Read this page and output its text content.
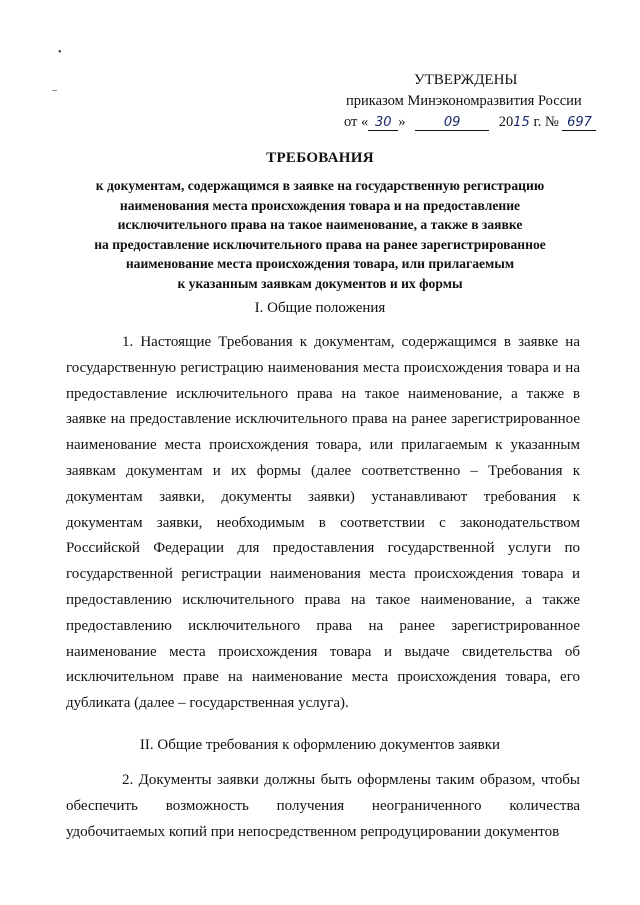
•
–
УТВЕРЖДЕНЫ
приказом Минэкономразвития России
от « 30 »	09	2015 г. № 697
ТРЕБОВАНИЯ
к документам, содержащимся в заявке на государственную регистрацию
наименования места происхождения товара и на предоставление
исключительного права на такое наименование, а также в заявке
на предоставление исключительного права на ранее зарегистрированное
наименование места происхождения товара, или прилагаемым
к указанным заявкам документов и их формы
I. Общие положения
1. Настоящие Требования к документам, содержащимся в заявке на государственную регистрацию наименования места происхождения товара и на предоставление исключительного права на такое наименование, а также в заявке на предоставление исключительного права на ранее зарегистрированное наименование места происхождения товара, или прилагаемым к указанным заявкам документам и их формы (далее соответственно – Требования к документам заявки, документы заявки) устанавливают требования к документам заявки, необходимым в соответствии с законодательством Российской Федерации для предоставления государственной услуги по государственной регистрации наименования места происхождения товара и предоставлению исключительного права на такое наименование, а также предоставлению исключительного права на ранее зарегистрированное наименование места происхождения товара и выдаче свидетельства об исключительном праве на наименование места происхождения товара, его дубликата (далее – государственная услуга).
II. Общие требования к оформлению документов заявки
2. Документы заявки должны быть оформлены таким образом, чтобы обеспечить возможность получения неограниченного количества удобочитаемых копий при непосредственном репродуцировании документов
